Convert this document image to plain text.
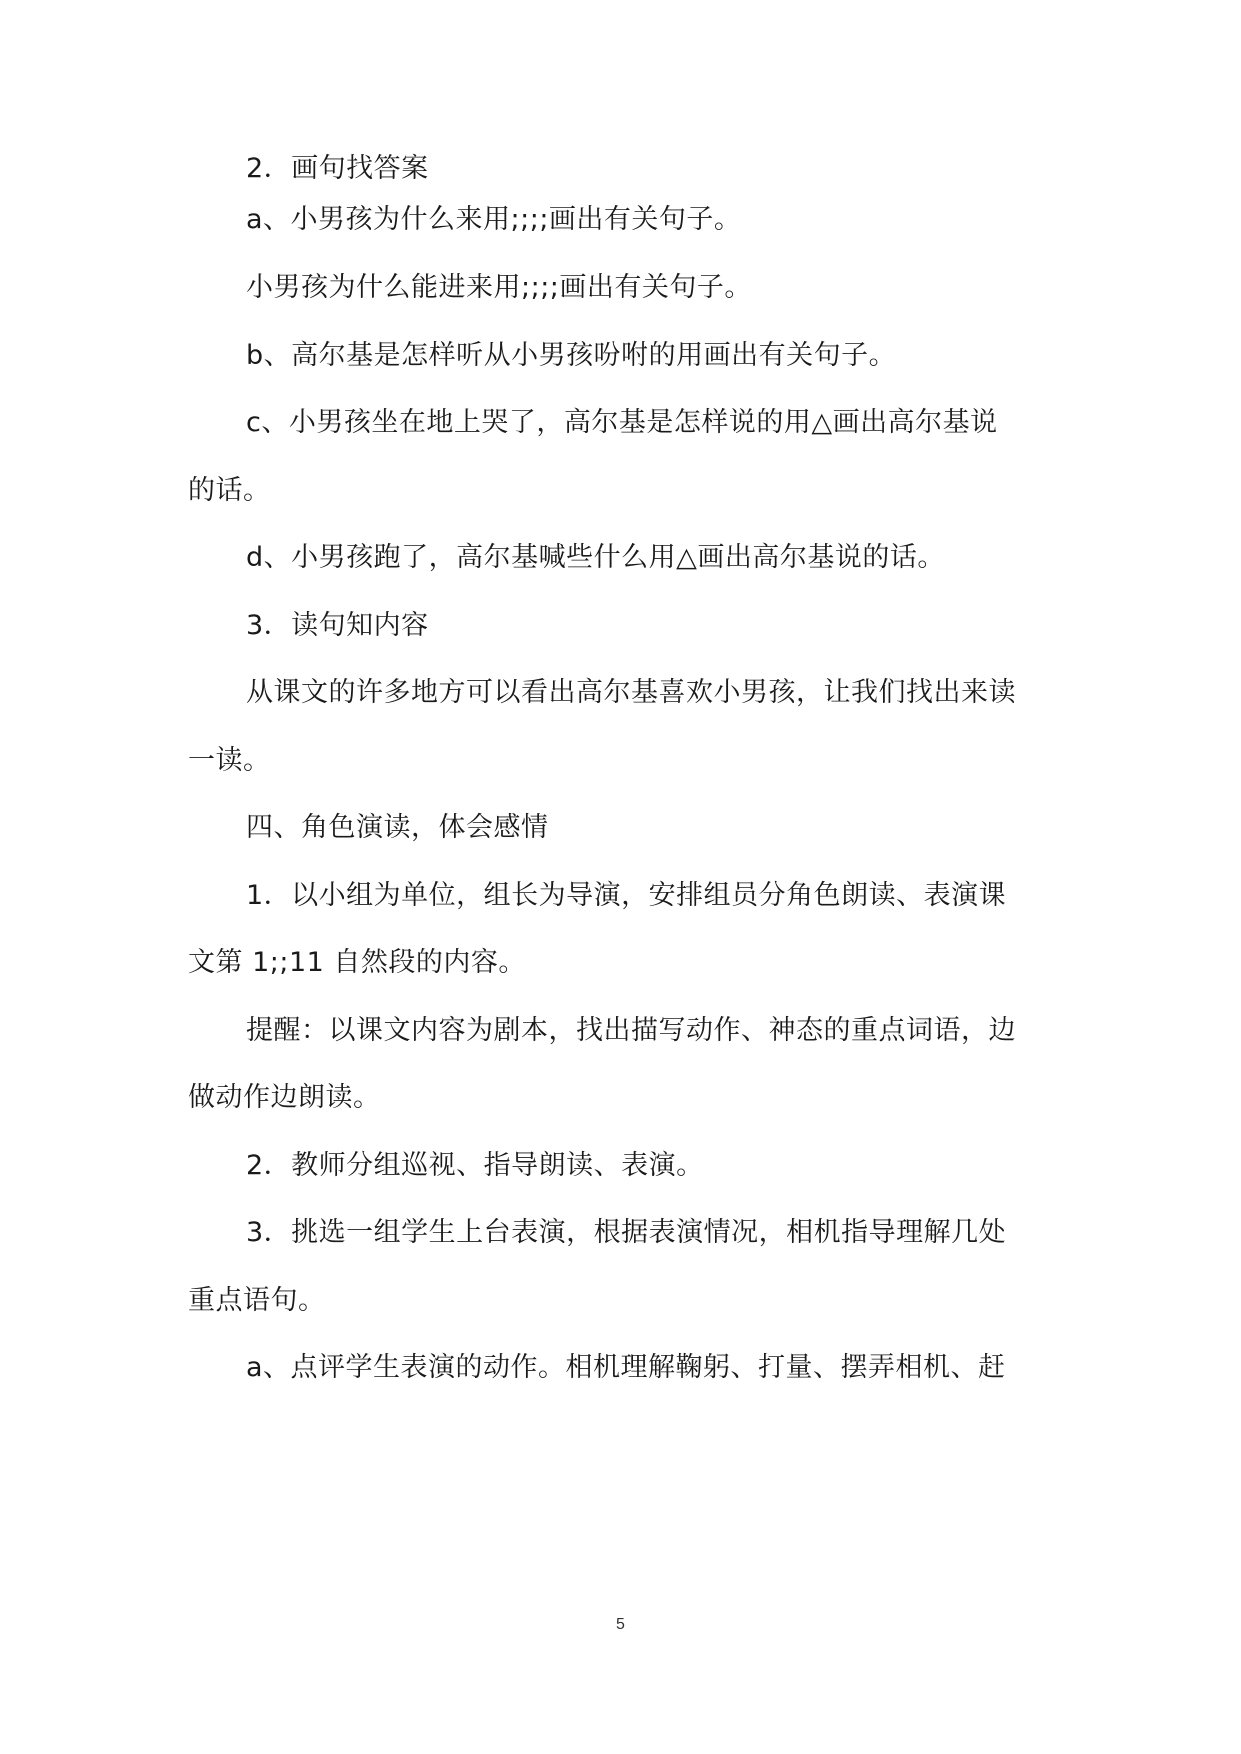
2．画句找答案
a、小男孩为什么来用;;;;画出有关句子。
小男孩为什么能进来用;;;;画出有关句子。
b、高尔基是怎样听从小男孩吩咐的用画出有关句子。
c、小男孩坐在地上哭了，高尔基是怎样说的用△画出高尔基说
的话。
d、小男孩跑了，高尔基喊些什么用△画出高尔基说的话。
3．读句知内容
从课文的许多地方可以看出高尔基喜欢小男孩，让我们找出来读
一读。
四、角色演读，体会感情
1．以小组为单位，组长为导演，安排组员分角色朗读、表演课
文第 1;;11 自然段的内容。
提醒：以课文内容为剧本，找出描写动作、神态的重点词语，边
做动作边朗读。
2．教师分组巡视、指导朗读、表演。
3．挑选一组学生上台表演，根据表演情况，相机指导理解几处
重点语句。
a、点评学生表演的动作。相机理解鞠躬、打量、摆弄相机、赶
5
